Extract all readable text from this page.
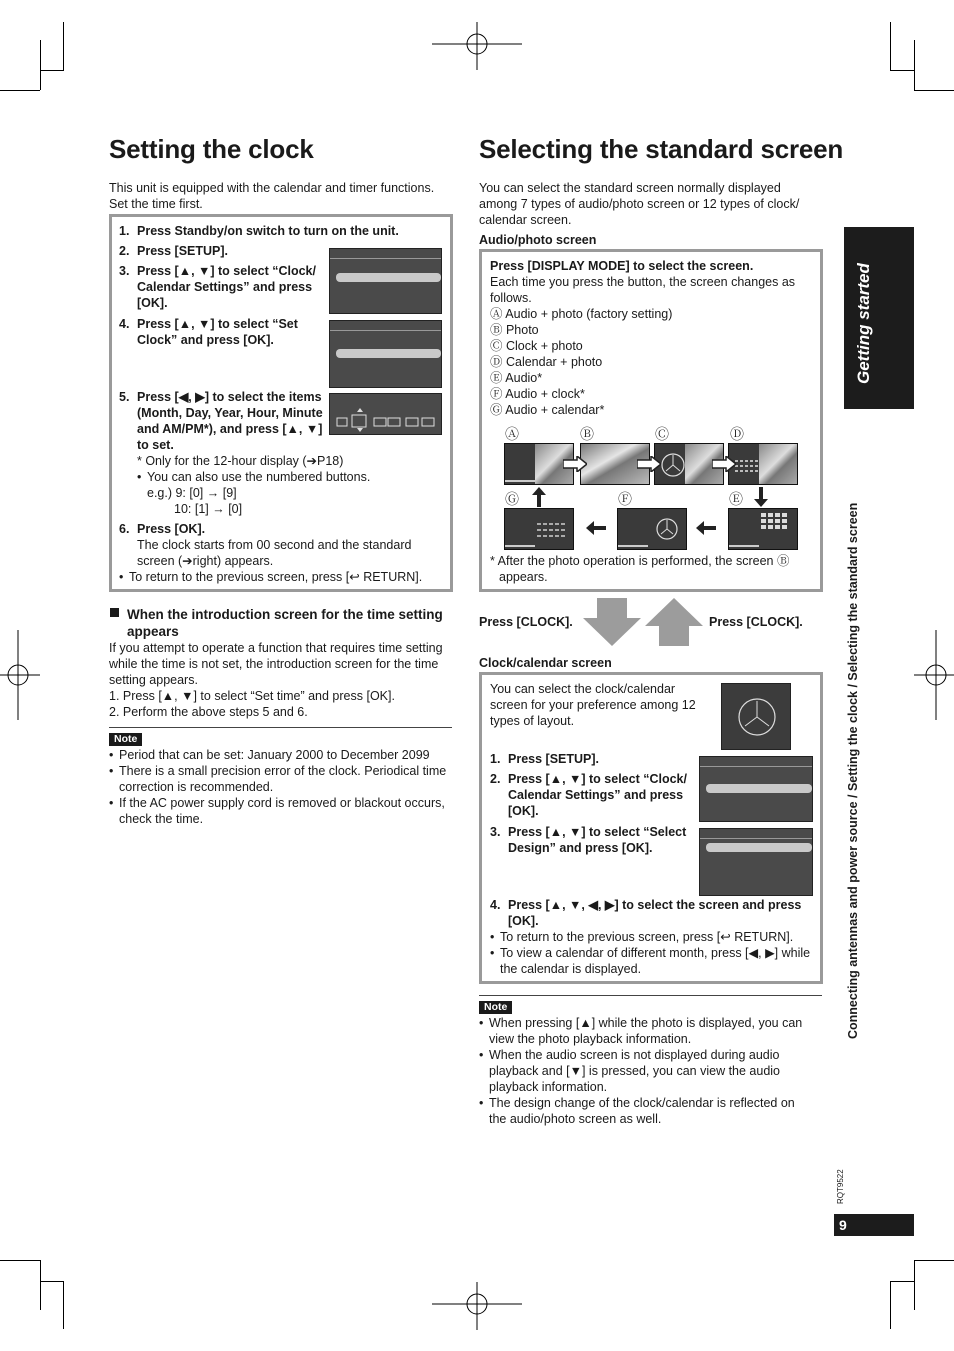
Setting the clock

This unit is equipped with the calendar and timer functions. Set the time first.

1. Press Standby/on switch to turn on the unit.
2. Press [SETUP].
3. Press [▲, ▼] to select “Clock/ Calendar Settings” and press [OK].
4. Press [▲, ▼] to select “Set Clock” and press [OK].
5. Press [◀, ▶] to select the items (Month, Day, Year, Hour, Minute and AM/PM*), and press [▲, ▼] to set.

* Only for the 12-hour display (➔P18)

• You can also use the numbered buttons.

e.g.) 9: [0] → [9]

10: [1] → [0]

6. Press [OK].

The clock starts from 00 second and the standard screen (➔right) appears.

• To return to the previous screen, press [↩ RETURN].

When the introduction screen for the time setting appears

If you attempt to operate a function that requires time setting while the time is not set, the introduction screen for the time setting appears.

1. Press [▲, ▼] to select “Set time” and press [OK].

2. Perform the above steps 5 and 6.

Note
• Period that can be set: January 2000 to December 2099
• There is a small precision error of the clock. Periodical time correction is recommended.
• If the AC power supply cord is removed or blackout occurs, check the time.
Selecting the standard screen

You can select the standard screen normally displayed among 7 types of audio/photo screen or 12 types of clock/ calendar screen.

Audio/photo screen

Press [DISPLAY MODE] to select the screen.

Each time you press the button, the screen changes as follows.

Ⓐ Audio + photo (factory setting)

Ⓑ Photo

Ⓒ Clock + photo

Ⓓ Calendar + photo

Ⓔ Audio*

Ⓕ Audio + clock*

Ⓖ Audio + calendar*

Ⓐ	Ⓑ	Ⓒ	Ⓓ
Ⓖ	Ⓕ	Ⓔ

* After the photo operation is performed, the screen Ⓑ appears.

Press [CLOCK].	Press [CLOCK].

Clock/calendar screen

You can select the clock/calendar screen for your preference among 12 types of layout.

1. Press [SETUP].
2. Press [▲, ▼] to select “Clock/ Calendar Settings” and press [OK].
3. Press [▲, ▼] to select “Select Design” and press [OK].
4. Press [▲, ▼, ◀, ▶] to select the screen and press [OK].
• To return to the previous screen, press [↩ RETURN].
• To view a calendar of different month, press [◀, ▶] while the calendar is displayed.
Note
• When pressing [▲] while the photo is displayed, you can view the photo playback information.
• When the audio screen is not displayed during audio playback and [▼] is pressed, you can view the audio playback information.
• The design change of the clock/calendar is reflected on the audio/photo screen as well.
Getting started
Connecting antennas and power source / Setting the clock / Selecting the standard screen
RQT9522
9
